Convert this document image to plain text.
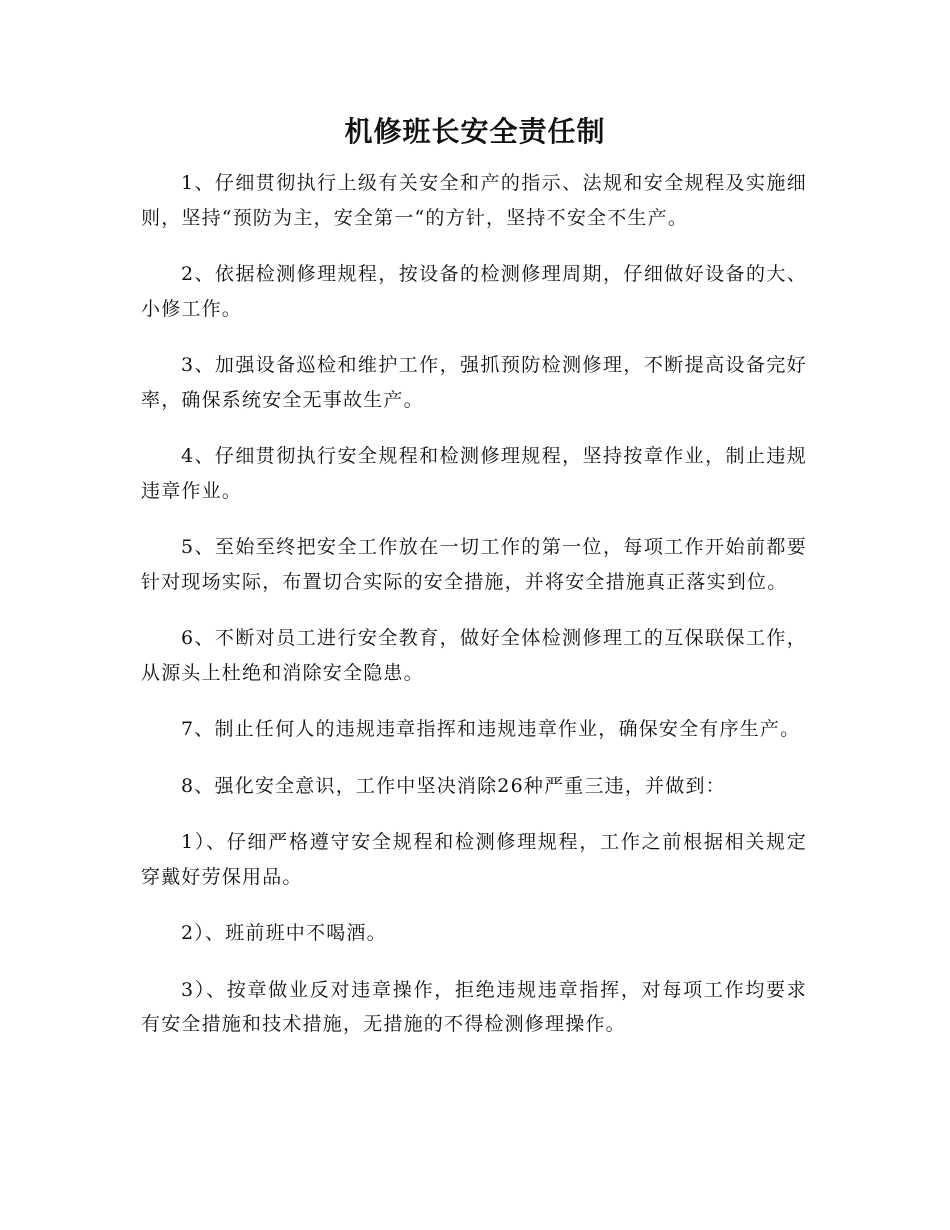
机修班长安全责任制

1、仔细贯彻执行上级有关安全和产的指示、法规和安全规程及实施细则，坚持“预防为主，安全第一“的方针，坚持不安全不生产。

2、依据检测修理规程，按设备的检测修理周期，仔细做好设备的大、小修工作。

3、加强设备巡检和维护工作，强抓预防检测修理，不断提高设备完好率，确保系统安全无事故生产。

4、仔细贯彻执行安全规程和检测修理规程，坚持按章作业，制止违规违章作业。

5、至始至终把安全工作放在一切工作的第一位，每项工作开始前都要针对现场实际，布置切合实际的安全措施，并将安全措施真正落实到位。

6、不断对员工进行安全教育，做好全体检测修理工的互保联保工作，从源头上杜绝和消除安全隐患。

7、制止任何人的违规违章指挥和违规违章作业，确保安全有序生产。

8、强化安全意识，工作中坚决消除26种严重三违，并做到：

1）、仔细严格遵守安全规程和检测修理规程，工作之前根据相关规定穿戴好劳保用品。

2）、班前班中不喝酒。

3）、按章做业反对违章操作，拒绝违规违章指挥，对每项工作均要求有安全措施和技术措施，无措施的不得检测修理操作。
